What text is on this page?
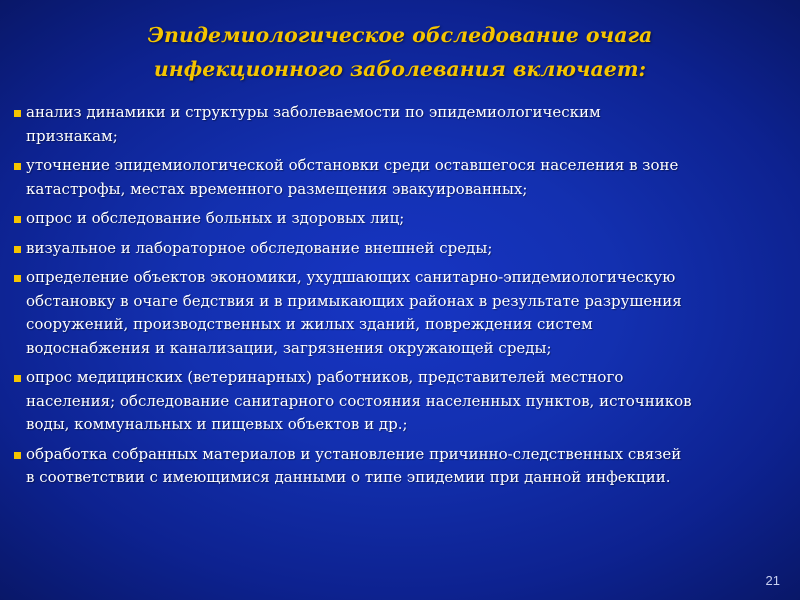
Эпидемиологическое обследование очага
инфекционного заболевания включает:
анализ динамики и структуры заболеваемости по эпидемиологическим
признакам;
уточнение эпидемиологической обстановки среди оставшегося населения в зоне
катастрофы, местах временного размещения эвакуированных;
опрос и обследование больных и здоровых лиц;
визуальное и лабораторное обследование внешней среды;
определение объектов экономики, ухудшающих санитарно-эпидемиологическую
обстановку в очаге бедствия и в примыкающих районах в результате разрушения
сооружений, производственных и жилых зданий, повреждения систем
водоснабжения и канализации, загрязнения окружающей среды;
опрос медицинских (ветеринарных) работников, представителей местного
населения; обследование санитарного состояния населенных пунктов, источников
воды, коммунальных и пищевых объектов и др.;
обработка собранных материалов и установление причинно-следственных связей
в соответствии с имеющимися данными о типе эпидемии при данной инфекции.
21
